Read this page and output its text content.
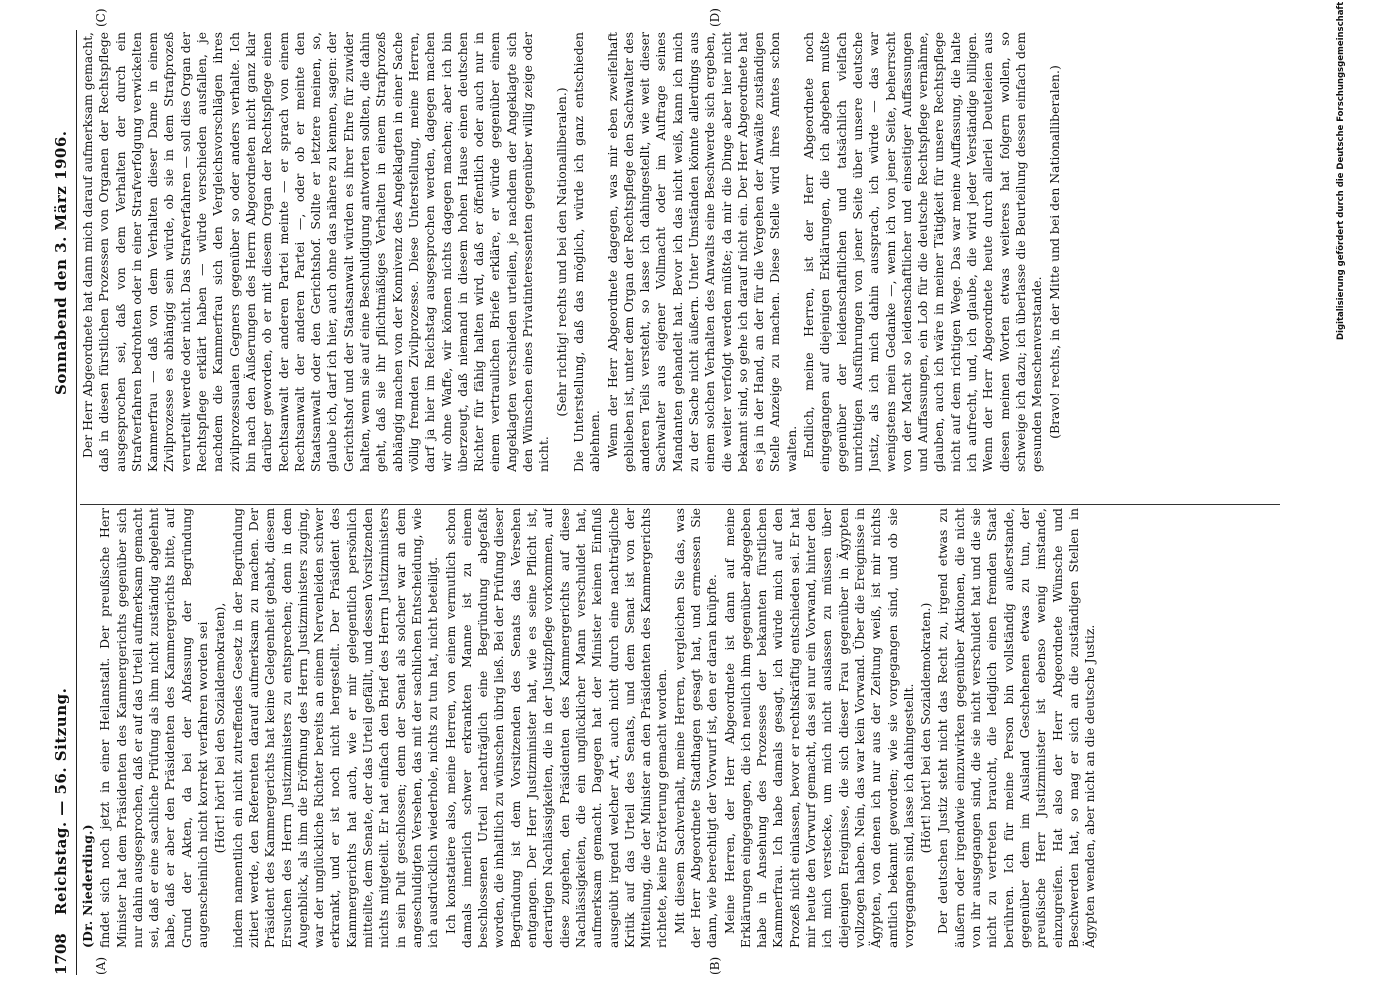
1708
Reichstag. — 56. Sitzung.
Sonnabend den 3. März 1906.
(A)	(B)
(C)	(D)

(Dr. Niederding.) findet sich noch jetzt in einer Heilanstalt. Der preußische Herr Minister hat dem Präsidenten des Kammergerichts gegenüber sich nur dahin ausgesprochen, daß er auf das Urteil aufmerksam gemacht sei, daß er eine sachliche Prüfung als ihm nicht zuständig abgelehnt habe, daß er aber den Präsidenten des Kammergerichts bitte, auf Grund der Akten, da bei der Abfassung der Begründung augenscheinlich nicht korrekt verfahren worden sei (Hört! hört! bei den Sozialdemokraten), indem namentlich ein nicht zutreffendes Gesetz in der Begründung zitiert werde, den Referenten darauf aufmerksam zu machen. Der Präsident des Kammergerichts hat keine Gelegenheit gehabt, diesem Ersuchen des Herrn Justizministers zu entsprechen; denn in dem Augenblick, als ihm die Eröffnung des Herrn Justizministers zuging, war der unglückliche Richter bereits an einem Nervenleiden schwer erkrankt, und er ist noch nicht hergestellt. Der Präsident des Kammergerichts hat auch, wie er mir gelegentlich persönlich mitteilte, dem Senate, der das Urteil gefällt, und dessen Vorsitzenden nichts mitgeteilt. Er hat einfach den Brief des Herrn Justizministers in sein Pult geschlossen; denn der Senat als solcher war an dem angeschuldigten Versehen, das mit der sachlichen Entscheidung, wie ich ausdrücklich wiederhole, nichts zu tun hat, nicht beteiligt. Ich konstatiere also, meine Herren, von einem vermutlich schon damals innerlich schwer erkrankten Manne ist zu einem beschlossenen Urteil nachträglich eine Begründung abgefaßt worden, die inhaltlich zu wünschen übrig ließ. Bei der Prüfung dieser Begründung ist dem Vorsitzenden des Senats das Versehen entgangen. Der Herr Justizminister hat, wie es seine Pflicht ist, derartigen Nachlässigkeiten, die in der Justizpflege vorkommen, auf diese zugehen, den Präsidenten des Kammergerichts auf diese Nachlässigkeiten, die ein unglücklicher Mann verschuldet hat, aufmerksam gemacht. Dagegen hat der Minister keinen Einfluß ausgeübt irgend welcher Art, auch nicht durch eine nachträgliche Kritik auf das Urteil des Senats, und dem Senat ist von der Mitteilung, die der Minister an den Präsidenten des Kammergerichts richtete, keine Erörterung gemacht worden. Mit diesem Sachverhalt, meine Herren, vergleichen Sie das, was der Herr Abgeordnete Stadthagen gesagt hat, und ermessen Sie dann, wie berechtigt der Vorwurf ist, den er daran knüpfte. Meine Herren, der Herr Abgeordnete ist dann auf meine Erklärungen eingegangen, die ich neulich ihm gegenüber abgegeben habe in Ansehung des Prozesses der bekannten fürstlichen Kammerfrau. Ich habe damals gesagt, ich würde mich auf den Prozeß nicht einlassen, bevor er rechtskräftig entschieden sei. Er hat mir heute den Vorwurf gemacht, das sei nur ein Vorwand, hinter den ich mich verstecke, um mich nicht auslassen zu müssen über diejenigen Ereignisse, die sich dieser Frau gegenüber in Ägypten vollzogen haben. Nein, das war kein Vorwand. Über die Ereignisse in Ägypten, von denen ich nur aus der Zeitung weiß, ist mir nichts amtlich bekannt geworden; wie sie vorgegangen sind, und ob sie vorgegangen sind, lasse ich dahingestellt. (Hört! hört! bei den Sozialdemokraten.) Der deutschen Justiz steht nicht das Recht zu, irgend etwas zu äußern oder irgendwie einzuwirken gegenüber Aktionen, die nicht von ihr ausgegangen sind, die sie nicht verschuldet hat und die sie nicht zu vertreten braucht, die lediglich einen fremden Staat berühren. Ich für meine Person bin vollständig außerstande, gegenüber dem im Ausland Geschehenen etwas zu tun, der preußische Herr Justizminister ist ebenso wenig imstande, einzugreifen. Hat also der Herr Abgeordnete Wünsche und Beschwerden hat, so mag er sich an die zuständigen Stellen in Ägypten wenden, aber nicht an die deutsche Justiz.

Der Herr Abgeordnete hat dann mich darauf aufmerksam gemacht, daß in diesen fürstlichen Prozessen von Organen der Rechtspflege ausgesprochen sei, daß von dem Verhalten der durch ein Strafverfahren bedrohten oder in einer Strafverfolgung verwickelten Kammerfrau — daß von dem Verhalten dieser Dame in einem Zivilprozesse es abhängig sein würde, ob sie in dem Strafprozeß verurteilt werde oder nicht. Das Strafverfahren — soll dies Organ der Rechtspflege erklärt haben — würde verschieden ausfallen, je nachdem die Kammerfrau sich den Vergleichsvorschlägen ihres zivilprozessualen Gegners gegenüber so oder anders verhalte. Ich bin nach den Äußerungen des Herrn Abgeordneten nicht ganz klar darüber geworden, ob er mit diesem Organ der Rechtspflege einen Rechtsanwalt der anderen Partei meinte — er sprach von einem Rechtsanwalt der anderen Partei —, oder ob er meinte den Staatsanwalt oder den Gerichtshof. Sollte er letztere meinen, so, glaube ich, darf ich hier, auch ohne das nähere zu kennen, sagen: der Gerichtshof und der Staatsanwalt würden es ihrer Ehre für zuwider halten, wenn sie auf eine Beschuldigung antworten sollten, die dahin geht, daß sie ihr pflichtmäßiges Verhalten in einem Strafprozeß abhängig machen von der Konnivenz des Angeklagten in einer Sache völlig fremden Zivilprozesse. Diese Unterstellung, meine Herren, darf ja hier im Reichstag ausgesprochen werden, dagegen machen wir ohne Waffe, wir können nichts dagegen machen; aber ich bin überzeugt, daß niemand in diesem hohen Hause einen deutschen Richter für fähig halten wird, daß er öffentlich oder auch nur in einem vertraulichen Briefe erkläre, er würde gegenüber einem Angeklagten verschieden urteilen, je nachdem der Angeklagte sich den Wünschen eines Privatinteressenten gegenüber willig zeige oder nicht.

(Sehr richtig! rechts und bei den Nationalliberalen.) Die Unterstellung, daß das möglich, würde ich ganz entschieden ablehnen. Wenn der Herr Abgeordnete dagegen, was mir eben zweifelhaft geblieben ist, unter dem Organ der Rechtspflege den Sachwalter des anderen Teils versteht, so lasse ich dahingestellt, wie weit dieser Sachwalter aus eigener Vollmacht oder im Auftrage seines Mandanten gehandelt hat. Bevor ich das nicht weiß, kann ich mich zu der Sache nicht äußern. Unter Umständen könnte allerdings aus einem solchen Verhalten des Anwalts eine Beschwerde sich ergeben, die weiter verfolgt werden müßte; da mir die Dinge aber hier nicht bekannt sind, so gehe ich darauf nicht ein. Der Herr Abgeordnete hat es ja in der Hand, an der für die Vergehen der Anwälte zuständigen Stelle Anzeige zu machen. Diese Stelle wird ihres Amtes schon walten. Endlich, meine Herren, ist der Herr Abgeordnete noch eingegangen auf diejenigen Erklärungen, die ich abgeben mußte gegenüber der leidenschaftlichen und tatsächlich vielfach unrichtigen Ausführungen von jener Seite über unsere deutsche Justiz, als ich mich dahin aussprach, ich würde — das war wenigstens mein Gedanke —, wenn ich von jener Seite, beherrscht von der Macht so leidenschaftlicher und einseitiger Auffassungen und Auffassungen, ein Lob für die deutsche Rechtspflege vernähme, glauben, auch ich wäre in meiner Tätigkeit für unsere Rechtspflege nicht auf dem richtigen Wege. Das war meine Auffassung, die halte ich aufrecht, und, ich glaube, die wird jeder Verständige billigen. Wenn der Herr Abgeordnete heute durch allerlei Deuteleien aus diesen meinen Worten etwas weiteres hat folgern wollen, so schweige ich dazu; ich überlasse die Beurteilung dessen einfach dem gesunden Menschenverstande. (Bravo! rechts, in der Mitte und bei den Nationalliberalen.)	Digitalisierung gefördert durch die Deutsche Forschungsgemeinschaft
